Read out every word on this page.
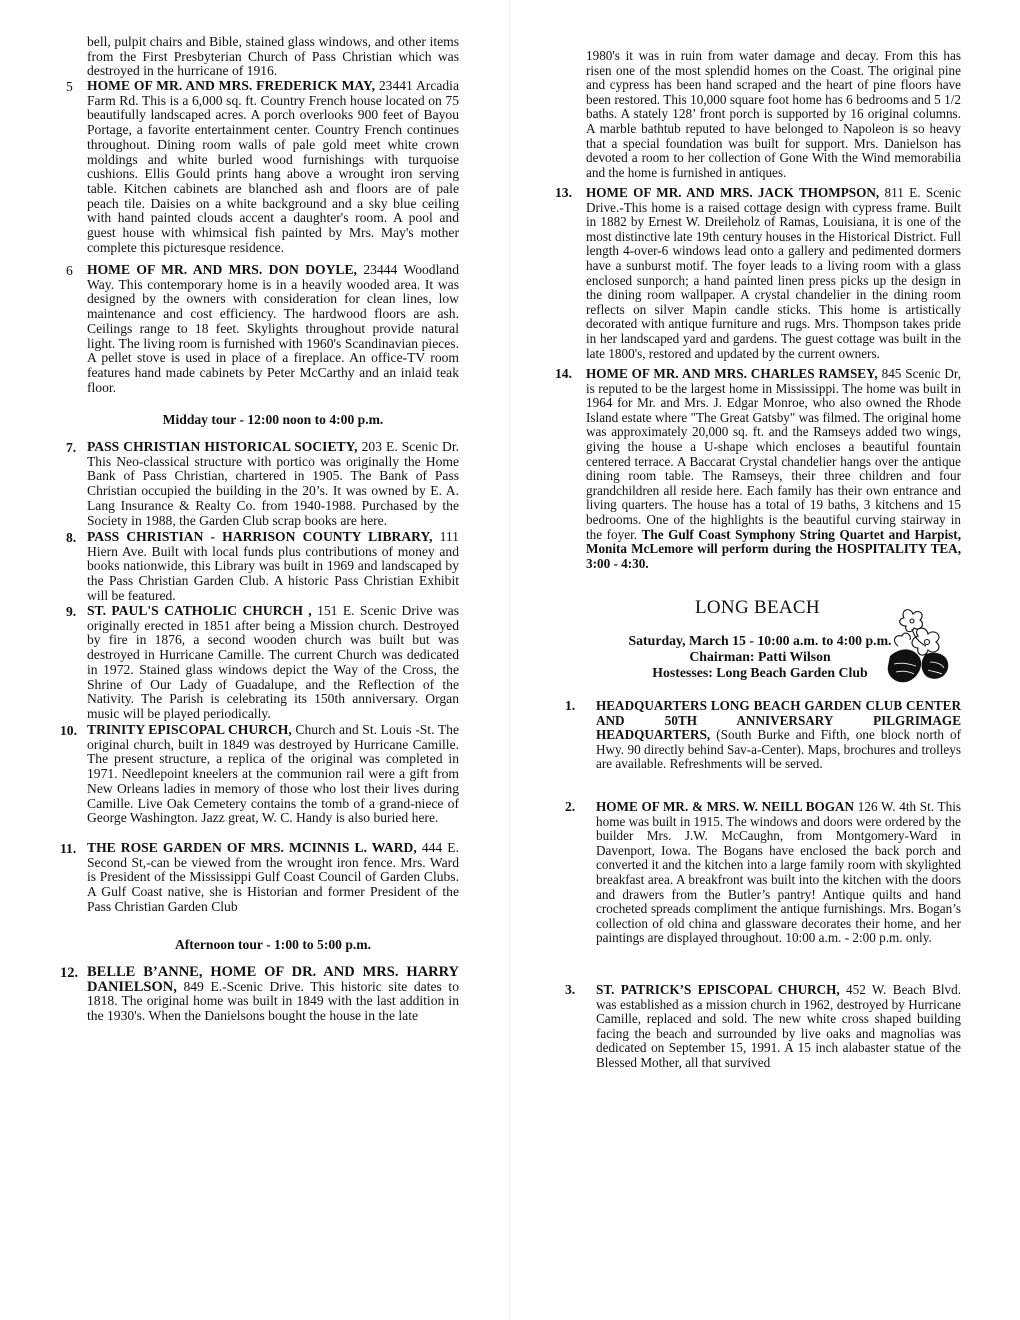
bell, pulpit chairs and Bible, stained glass windows, and other items from the First Presbyterian Church of Pass Christian which was destroyed in the hurricane of 1916.

5 HOME OF MR. AND MRS. FREDERICK MAY, 23441 Arcadia Farm Rd. This is a 6,000 sq. ft. Country French house located on 75 beautifully landscaped acres. A porch overlooks 900 feet of Bayou Portage, a favorite entertainment center. Country French continues throughout. Dining room walls of pale gold meet white crown moldings and white burled wood furnishings with turquoise cushions. Ellis Gould prints hang above a wrought iron serving table. Kitchen cabinets are blanched ash and floors are of pale peach tile. Daisies on a white background and a sky blue ceiling with hand painted clouds accent a daughter's room. A pool and guest house with whimsical fish painted by Mrs. May's mother complete this picturesque residence.

6 HOME OF MR. AND MRS. DON DOYLE, 23444 Woodland Way. This contemporary home is in a heavily wooded area. It was designed by the owners with consideration for clean lines, low maintenance and cost efficiency. The hardwood floors are ash. Ceilings range to 18 feet. Skylights throughout provide natural light. The living room is furnished with 1960's Scandinavian pieces. A pellet stove is used in place of a fireplace. An office-TV room features hand made cabinets by Peter McCarthy and an inlaid teak floor.

Midday tour - 12:00 noon to 4:00 p.m.

7. PASS CHRISTIAN HISTORICAL SOCIETY, 203 E. Scenic Dr. This Neo-classical structure with portico was originally the Home Bank of Pass Christian, chartered in 1905. The Bank of Pass Christian occupied the building in the 20’s. It was owned by E. A. Lang Insurance & Realty Co. from 1940-1988. Purchased by the Society in 1988, the Garden Club scrap books are here.

8. PASS CHRISTIAN - HARRISON COUNTY LIBRARY, 111 Hiern Ave. Built with local funds plus contributions of money and books nationwide, this Library was built in 1969 and landscaped by the Pass Christian Garden Club. A historic Pass Christian Exhibit will be featured.

9. ST. PAUL'S CATHOLIC CHURCH , 151 E. Scenic Drive was originally erected in 1851 after being a Mission church. Destroyed by fire in 1876, a second wooden church was built but was destroyed in Hurricane Camille. The current Church was dedicated in 1972. Stained glass windows depict the Way of the Cross, the Shrine of Our Lady of Guadalupe, and the Reflection of the Nativity. The Parish is celebrating its 150th anniversary. Organ music will be played periodically.

10. TRINITY EPISCOPAL CHURCH, Church and St. Louis -St. The original church, built in 1849 was destroyed by Hurricane Camille. The present structure, a replica of the original was completed in 1971. Needlepoint kneelers at the communion rail were a gift from New Orleans ladies in memory of those who lost their lives during Camille. Live Oak Cemetery contains the tomb of a grand-niece of George Washington. Jazz great, W. C. Handy is also buried here.

11. THE ROSE GARDEN OF MRS. MCINNIS L. WARD, 444 E. Second St,-can be viewed from the wrought iron fence. Mrs. Ward is President of the Mississippi Gulf Coast Council of Garden Clubs. A Gulf Coast native, she is Historian and former President of the Pass Christian Garden Club

Afternoon tour - 1:00 to 5:00 p.m.

12. BELLE B’ANNE, HOME OF DR. AND MRS. HARRY DANIELSON, 849 E.-Scenic Drive. This historic site dates to 1818. The original home was built in 1849 with the last addition in the 1930's. When the Danielsons bought the house in the late

1980's it was in ruin from water damage and decay. From this has risen one of the most splendid homes on the Coast. The original pine and cypress has been hand scraped and the heart of pine floors have been restored. This 10,000 square foot home has 6 bedrooms and 5 1/2 baths. A stately 128’ front porch is supported by 16 original columns. A marble bathtub reputed to have belonged to Napoleon is so heavy that a special foundation was built for support. Mrs. Danielson has devoted a room to her collection of Gone With the Wind memorabilia and the home is furnished in antiques.

13. HOME OF MR. AND MRS. JACK THOMPSON, 811 E. Scenic Drive.-This home is a raised cottage design with cypress frame. Built in 1882 by Ernest W. Dreileholz of Ramas, Louisiana, it is one of the most distinctive late 19th century houses in the Historical District. Full length 4-over-6 windows lead onto a gallery and pedimented dormers have a sunburst motif. The foyer leads to a living room with a glass enclosed sunporch; a hand painted linen press picks up the design in the dining room wallpaper. A crystal chandelier in the dining room reflects on silver Mapin candle sticks. This home is artistically decorated with antique furniture and rugs. Mrs. Thompson takes pride in her landscaped yard and gardens. The guest cottage was built in the late 1800's, restored and updated by the current owners.

14. HOME OF MR. AND MRS. CHARLES RAMSEY, 845 Scenic Dr, is reputed to be the largest home in Mississippi. The home was built in 1964 for Mr. and Mrs. J. Edgar Monroe, who also owned the Rhode Island estate where "The Great Gatsby" was filmed. The original home was approximately 20,000 sq. ft. and the Ramseys added two wings, giving the house a U-shape which encloses a beautiful fountain centered terrace. A Baccarat Crystal chandelier hangs over the antique dining room table. The Ramseys, their three children and four grandchildren all reside here. Each family has their own entrance and living quarters. The house has a total of 19 baths, 3 kitchens and 15 bedrooms. One of the highlights is the beautiful curving stairway in the foyer. The Gulf Coast Symphony String Quartet and Harpist, Monita McLemore will perform during the HOSPITALITY TEA, 3:00 - 4:30.

LONG BEACH

Saturday, March 15 - 10:00 a.m. to 4:00 p.m.

Chairman: Patti Wilson

Hostesses: Long Beach Garden Club

1. HEADQUARTERS LONG BEACH GARDEN CLUB CENTER AND 50TH ANNIVERSARY PILGRIMAGE HEADQUARTERS, (South Burke and Fifth, one block north of Hwy. 90 directly behind Sav-a-Center). Maps, brochures and trolleys are available. Refreshments will be served.

2. HOME OF MR. & MRS. W. NEILL BOGAN 126 W. 4th St. This home was built in 1915. The windows and doors were ordered by the builder Mrs. J.W. McCaughn, from Montgomery-Ward in Davenport, Iowa. The Bogans have enclosed the back porch and converted it and the kitchen into a large family room with skylighted breakfast area. A breakfront was built into the kitchen with the doors and drawers from the Butler’s pantry! Antique quilts and hand crocheted spreads compliment the antique furnishings. Mrs. Bogan’s collection of old china and glassware decorates their home, and her paintings are displayed throughout. 10:00 a.m. - 2:00 p.m. only.

3. ST. PATRICK’S EPISCOPAL CHURCH, 452 W. Beach Blvd. was established as a mission church in 1962, destroyed by Hurricane Camille, replaced and sold. The new white cross shaped building facing the beach and surrounded by live oaks and magnolias was dedicated on September 15, 1991. A 15 inch alabaster statue of the Blessed Mother, all that survived
